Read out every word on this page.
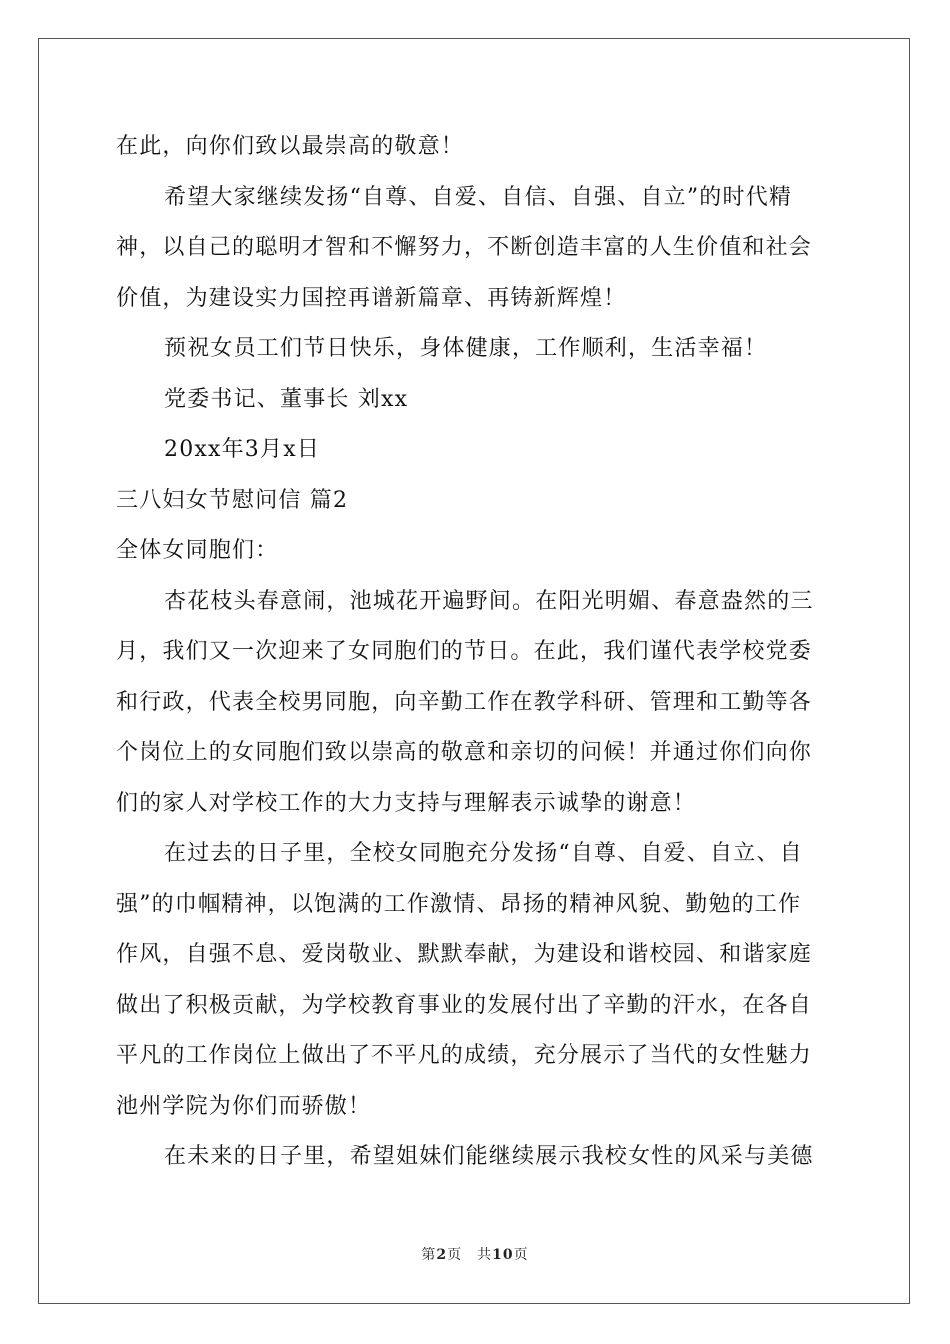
在此，向你们致以最崇高的敬意！
希望大家继续发扬“自尊、自爱、自信、自强、自立”的时代精
神，以自己的聪明才智和不懈努力，不断创造丰富的人生价值和社会
价值，为建设实力国控再谱新篇章、再铸新辉煌！
预祝女员工们节日快乐，身体健康，工作顺利，生活幸福！
党委书记、董事长 刘xx
20xx年3月x日
三八妇女节慰问信 篇2
全体女同胞们：
杏花枝头春意闹，池城花开遍野间。在阳光明媚、春意盎然的三
月，我们又一次迎来了女同胞们的节日。在此，我们谨代表学校党委
和行政，代表全校男同胞，向辛勤工作在教学科研、管理和工勤等各
个岗位上的女同胞们致以崇高的敬意和亲切的问候！并通过你们向你
们的家人对学校工作的大力支持与理解表示诚挚的谢意！
在过去的日子里，全校女同胞充分发扬“自尊、自爱、自立、自
强”的巾帼精神，以饱满的工作激情、昂扬的精神风貌、勤勉的工作
作风，自强不息、爱岗敬业、默默奉献，为建设和谐校园、和谐家庭
做出了积极贡献，为学校教育事业的发展付出了辛勤的汗水，在各自
平凡的工作岗位上做出了不平凡的成绩，充分展示了当代的女性魅力
池州学院为你们而骄傲！
在未来的日子里，希望姐妹们能继续展示我校女性的风采与美德
第2页　共10页
